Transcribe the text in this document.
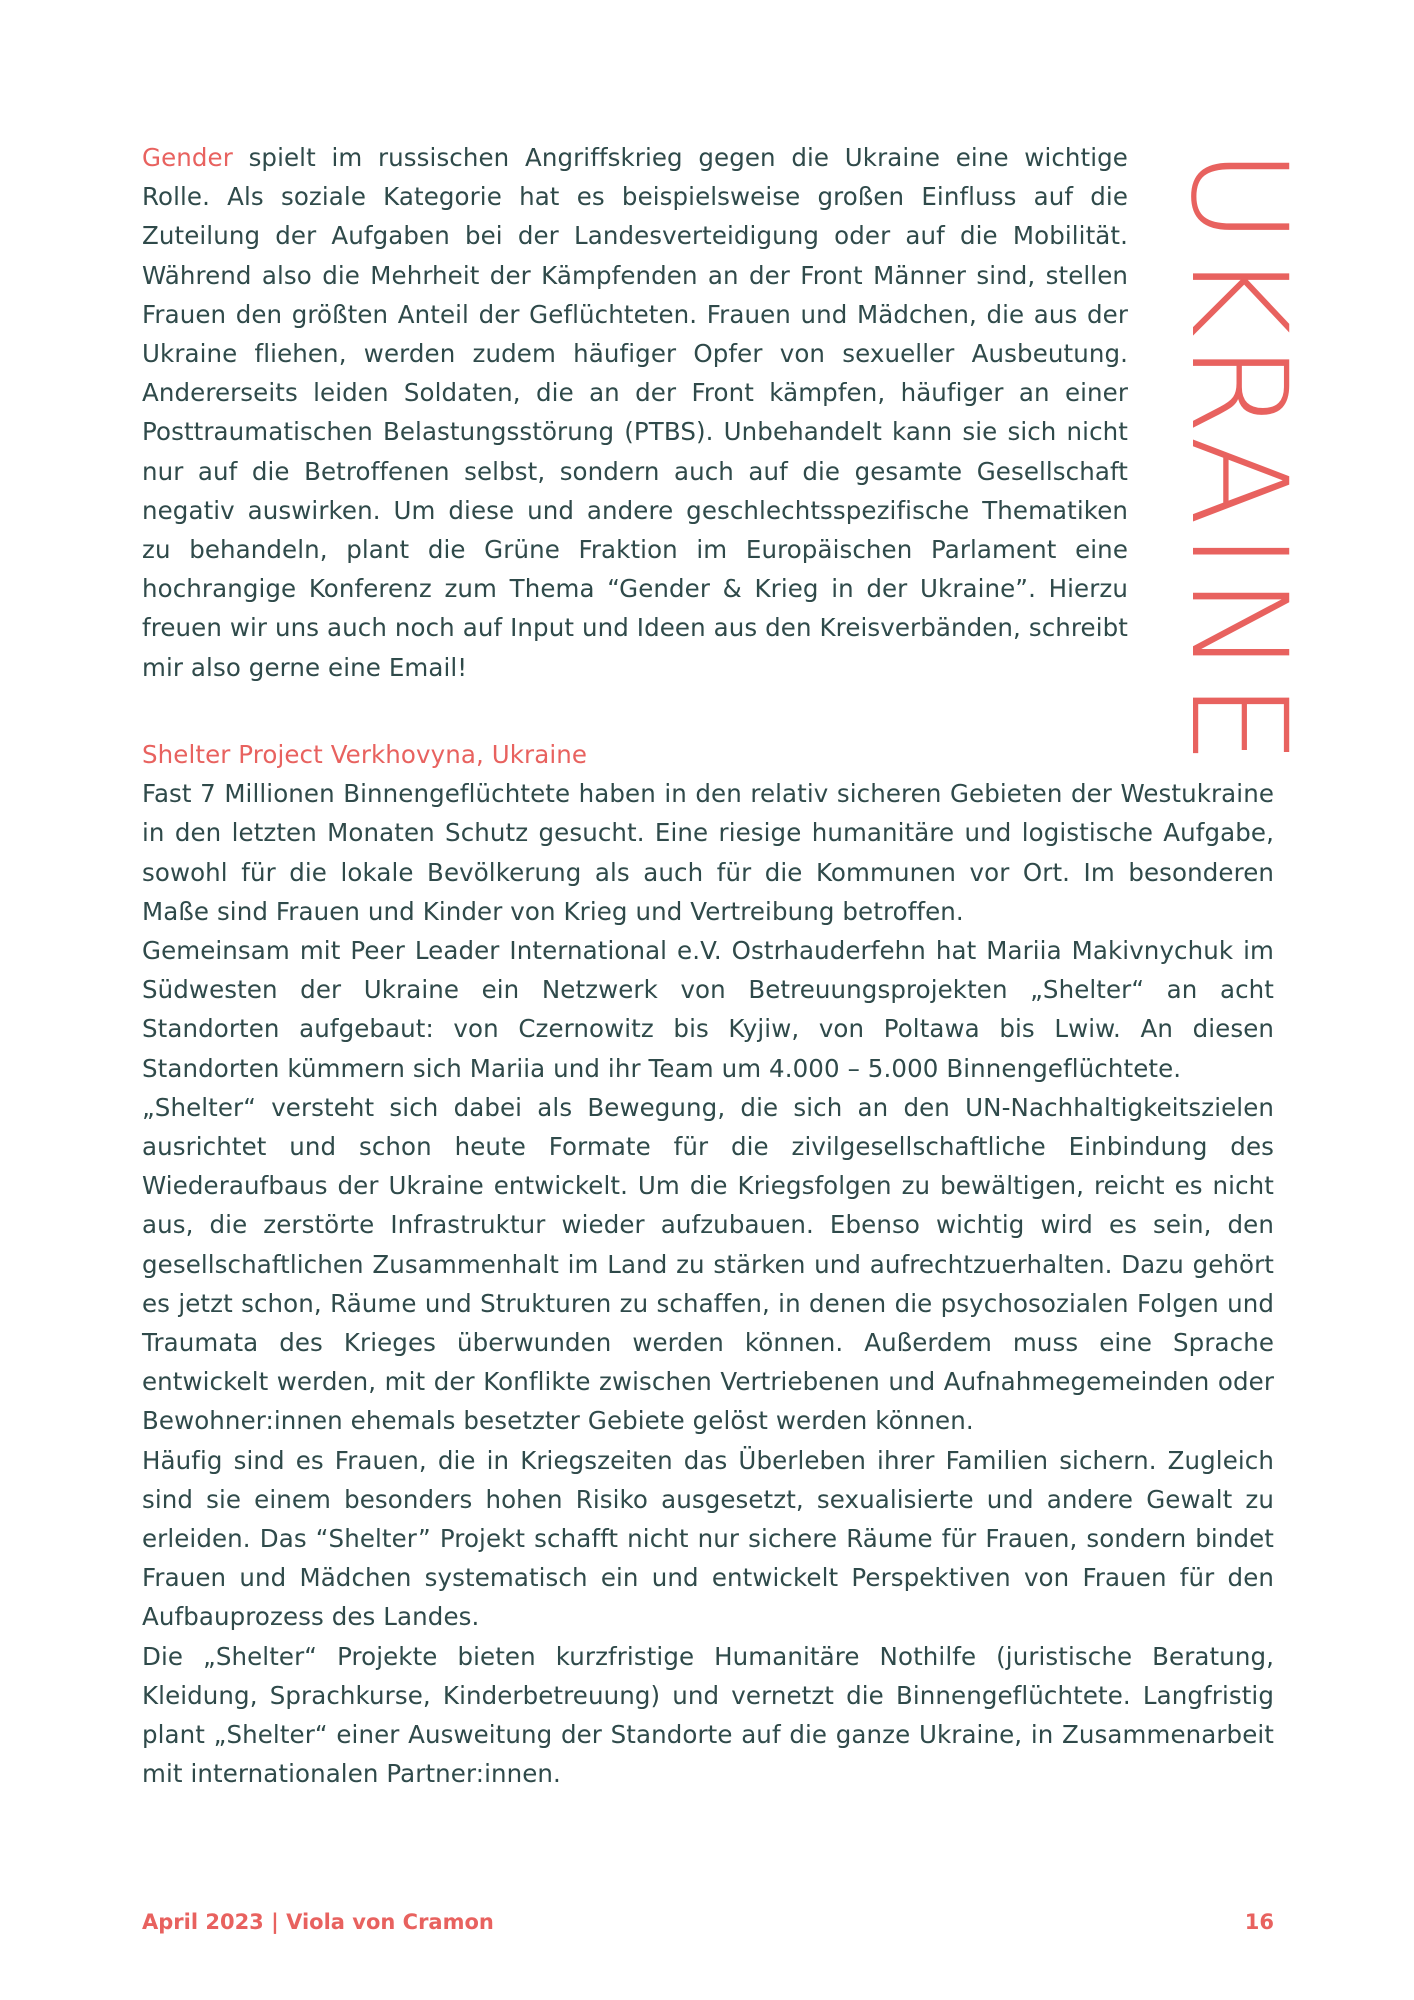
UKRAINE

Gender spielt im russischen Angriffskrieg gegen die Ukraine eine wichtige Rolle. Als soziale Kategorie hat es beispielsweise großen Einfluss auf die Zuteilung der Aufgaben bei der Landesverteidigung oder auf die Mobilität. Während also die Mehrheit der Kämpfenden an der Front Männer sind, stellen Frauen den größten Anteil der Geflüchteten. Frauen und Mädchen, die aus der Ukraine fliehen, werden zudem häufiger Opfer von sexueller Ausbeutung. Andererseits leiden Soldaten, die an der Front kämpfen, häufiger an einer Posttraumatischen Belastungsstörung (PTBS). Unbehandelt kann sie sich nicht nur auf die Betroffenen selbst, sondern auch auf die gesamte Gesellschaft negativ auswirken. Um diese und andere geschlechtsspezifische Thematiken zu behandeln, plant die Grüne Fraktion im Europäischen Parlament eine hochrangige Konferenz zum Thema “Gender & Krieg in der Ukraine”. Hierzu freuen wir uns auch noch auf Input und Ideen aus den Kreisverbänden, schreibt mir also gerne eine Email!

Shelter Project Verkhovyna, Ukraine

Fast 7 Millionen Binnengeflüchtete haben in den relativ sicheren Gebieten der Westukraine in den letzten Monaten Schutz gesucht. Eine riesige humanitäre und logistische Aufgabe, sowohl für die lokale Bevölkerung als auch für die Kommunen vor Ort. Im besonderen Maße sind Frauen und Kinder von Krieg und Vertreibung betroffen.

Gemeinsam mit Peer Leader International e.V. Ostrhauderfehn hat Mariia Makivnychuk im Südwesten der Ukraine ein Netzwerk von Betreuungsprojekten „Shelter“ an acht Standorten aufgebaut: von Czernowitz bis Kyjiw, von Poltawa bis Lwiw. An diesen Standorten kümmern sich Mariia und ihr Team um 4.000 – 5.000 Binnengeflüchtete.

„Shelter“ versteht sich dabei als Bewegung, die sich an den UN-Nachhaltigkeitszielen ausrichtet und schon heute Formate für die zivilgesellschaftliche Einbindung des Wiederaufbaus der Ukraine entwickelt. Um die Kriegsfolgen zu bewältigen, reicht es nicht aus, die zerstörte Infrastruktur wieder aufzubauen. Ebenso wichtig wird es sein, den gesellschaftlichen Zusammenhalt im Land zu stärken und aufrechtzuerhalten. Dazu gehört es jetzt schon, Räume und Strukturen zu schaffen, in denen die psychosozialen Folgen und Traumata des Krieges überwunden werden können. Außerdem muss eine Sprache entwickelt werden, mit der Konflikte zwischen Vertriebenen und Aufnahmegemeinden oder Bewohner:innen ehemals besetzter Gebiete gelöst werden können.

Häufig sind es Frauen, die in Kriegszeiten das Überleben ihrer Familien sichern. Zugleich sind sie einem besonders hohen Risiko ausgesetzt, sexualisierte und andere Gewalt zu erleiden. Das “Shelter” Projekt schafft nicht nur sichere Räume für Frauen, sondern bindet Frauen und Mädchen systematisch ein und entwickelt Perspektiven von Frauen für den Aufbauprozess des Landes.

Die „Shelter“ Projekte bieten kurzfristige Humanitäre Nothilfe (juristische Beratung, Kleidung, Sprachkurse, Kinderbetreuung) und vernetzt die Binnengeflüchtete. Langfristig plant „Shelter“ einer Ausweitung der Standorte auf die ganze Ukraine, in Zusammenarbeit mit internationalen Partner:innen.

April 2023 | Viola von Cramon	16
